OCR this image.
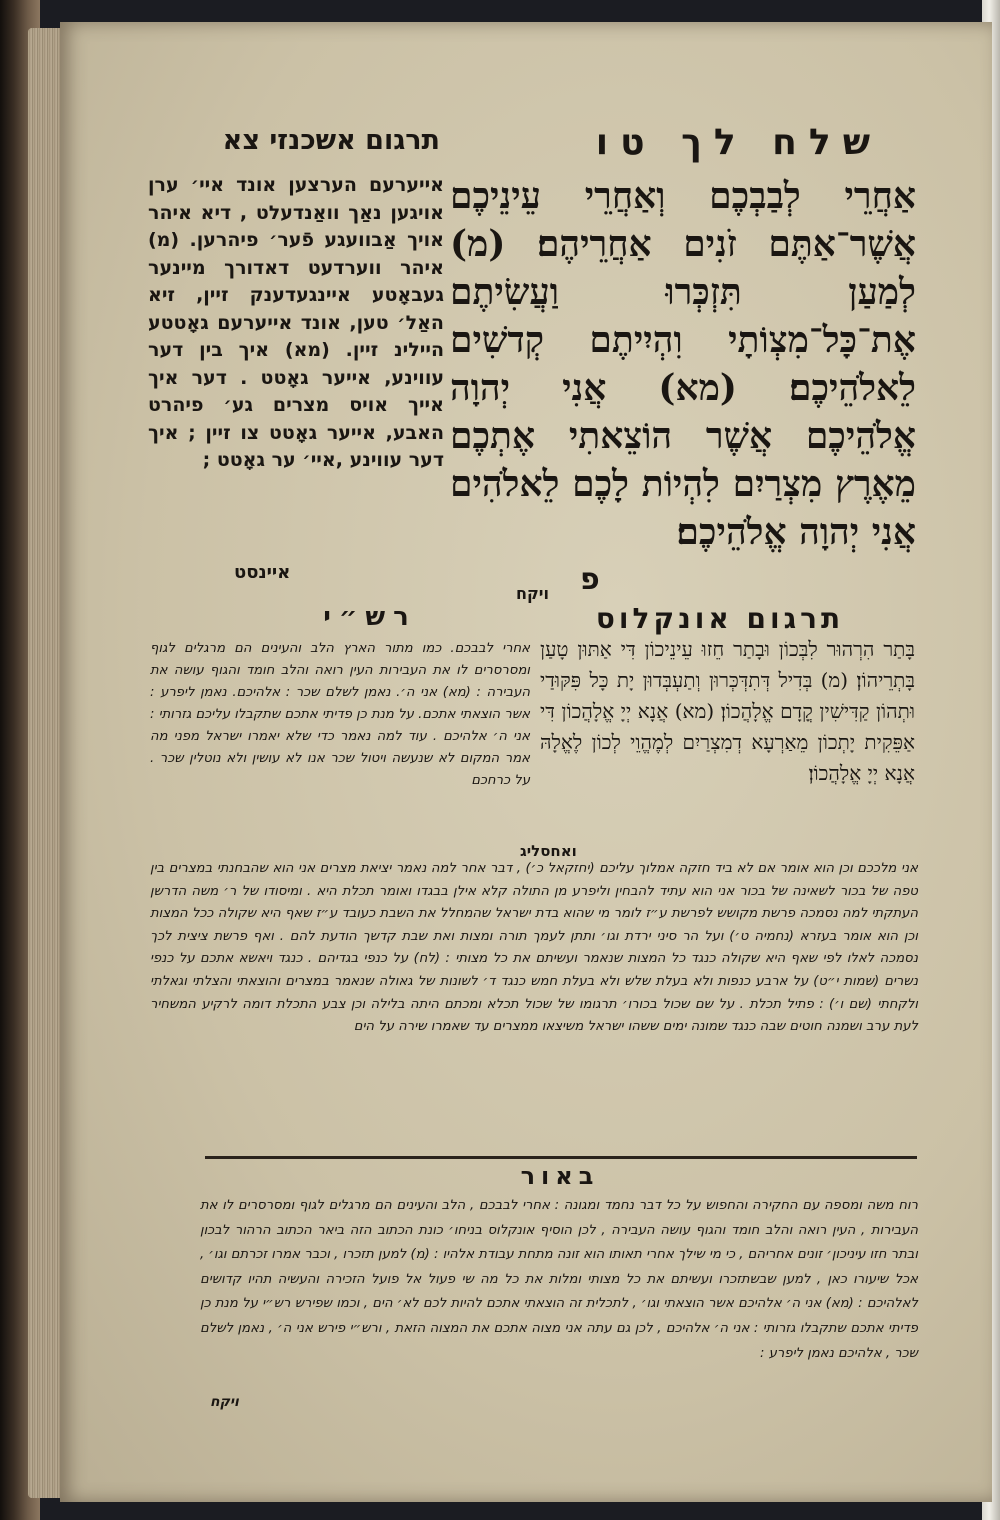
שלח לך טו
תרגום אשכנזי צא
אַחֲרֵי לְבַבְכֶם וְאַחֲרֵי עֵינֵיכֶם אֲשֶׁר־אַתֶּם זֹנִים אַחֲרֵיהֶם׃ (מ) לְמַעַן תִּזְכְּרוּ וַעֲשִׂיתֶם אֶת־כָּל־מִצְוֹתָי וִהְיִיתֶם קְדשִׁים לֵאלֹהֵיכֶם׃ (מא) אֲנִי יְהוָה אֱלֹהֵיכֶם אֲשֶׁר הוֹצֵאתִי אֶתְכֶם מֵאֶרֶץ מִצְרַיִם לִהְיוֹת לָכֶם לֵאלֹהִים אֲנִי יְהוָה אֱלֹהֵיכֶם׃
אייערעם הערצען אונד איי׳ ערן אויגען נאַך וואַנדעלט , דיא איהר אויך אַבוועגע פֿער׳ פיהרען. (מ) איהר ווערדעט דאדורך מיינער געבאָטע איינגעדענק זיין, זיא האַל׳ טען, אונד אייערעם גאָטטע היילינ זיין. (מא) איך בין דער עווינע, אייער גאָטט . דער איך אייך אויס מצרים גע׳ פיהרט האבע, אייער גאָטט צו זיין ; איך דער עווינע ,איי׳ ער גאָטט ;
איינסט	פ
ויקח
תרגום אונקלוס
רש״י
בָּתַר הִרְהוּר לִבְּכוֹן וּבָתַר חֵזוּ עֵינֵיכוֹן דִּי אַתּוּן טָעַן בָּתְרֵיהוֹן׃ (מ) בְּדִיל דְּתִדְּכְּרוּן וְתַעְבְּדוּן יָת כָּל פִּקּוּדַי וּתְהוֹן קַדִּישִׁין קֳדָם אֱלָהֲכוֹן׃ (מא) אֲנָא יְיָ אֱלָהֲכוֹן דִּי אַפֵּקִית יָתְכוֹן מֵאַרְעָא דְמִצְרַיִם לְמֶהֱוֵי לְכוֹן לֶאֱלָהּ אֲנָא יְיָ אֱלָהֲכוֹן׃
אחרי לבבכם. כמו מתור הארץ הלב והעינים הם מרגלים לגוף ומסרסרים לו את העבירות העין רואה והלב חומד והגוף עושה את העבירה : (מא) אני ה׳. נאמן לשלם שכר : אלהיכם. נאמן ליפרע : אשר הוצאתי אתכם. על מנת כן פדיתי אתכם שתקבלו עליכם גזרותי : אני ה׳ אלהיכם . עוד למה נאמר כדי שלא יאמרו ישראל מפני מה אמר המקום לא שנעשה ויטול שכר אנו לא עושין ולא נוטלין שכר . על כרחכם
ואחסליג
אני מלככם וכן הוא אומר אם לא ביד חזקה אמלוך עליכם (יחזקאל כ׳) , דבר אחר למה נאמר יציאת מצרים אני הוא שהבחנתי במצרים בין טפה של בכור לשאינה של בכור אני הוא עתיד להבחין וליפרע מן התולה קלא אילן בבגדו ואומר תכלת היא . ומיסודו של ר׳ משה הדרשן העתקתי למה נסמכה פרשת מקושש לפרשת ע״ז לומר מי שהוא בדת ישראל שהמחלל את השבת כעובד ע״ז שאף היא שקולה ככל המצות וכן הוא אומר בעזרא (נחמיה ט׳) ועל הר סיני ירדת וגו׳ ותתן לעמך תורה ומצות ואת שבת קדשך הודעת להם . ואף פרשת ציצית לכך נסמכה לאלו לפי שאף היא שקולה כנגד כל המצות שנאמר ועשיתם את כל מצותי : (לח) על כנפי בגדיהם . כנגד ויאשא אתכם על כנפי נשרים (שמות י״ט) על ארבע כנפות ולא בעלת שלש ולא בעלת חמש כנגד ד׳ לשונות של גאולה שנאמר במצרים והוצאתי והצלתי וגאלתי ולקחתי (שם ו׳) : פתיל תכלת . על שם שכול בכורו׳ תרגומו של שכול תכלא ומכתם היתה בלילה וכן צבע התכלת דומה לרקיע המשחיר לעת ערב ושמנה חוטים שבה כנגד שמונה ימים ששהו ישראל משיצאו ממצרים עד שאמרו שירה על הים
באור
רוח משה ומספה עם החקירה והחפוש על כל דבר נחמד ומגונה : אחרי לבבכם , הלב והעינים הם מרגלים לגוף ומסרסרים לו את העבירות , העין רואה והלב חומד והגוף עושה העבירה , לכן הוסיף אונקלוס בניחו׳ כונת הכתוב הזה ביאר הכתוב הרהור לבכון ובתר חזו עיניכון׳ זונים אחריהם , כי מי שילך אחרי תאותו הוא זונה מתחת עבודת אלהיו : (מ) למען תזכרו , וכבר אמרו זכרתם וגו׳ , אכל שיעורו כאן , למען שבשתזכרו ועשיתם את כל מצותי ומלות את כל מה שי פעול אל פועל הזכירה והעשיה תהיו קדושים לאלהיכם : (מא) אני ה׳ אלהיכם אשר הוצאתי וגו׳ , לתכלית זה הוצאתי אתכם להיות לכם לא׳ הים , וכמו שפירש רש״י על מנת כן פדיתי אתכם שתקבלו גזרותי : אני ה׳ אלהיכם , לכן גם עתה אני מצוה אתכם את המצוה הזאת , ורש״י פירש אני ה׳ , נאמן לשלם שכר , אלהיכם נאמן ליפרע :
ויקח
